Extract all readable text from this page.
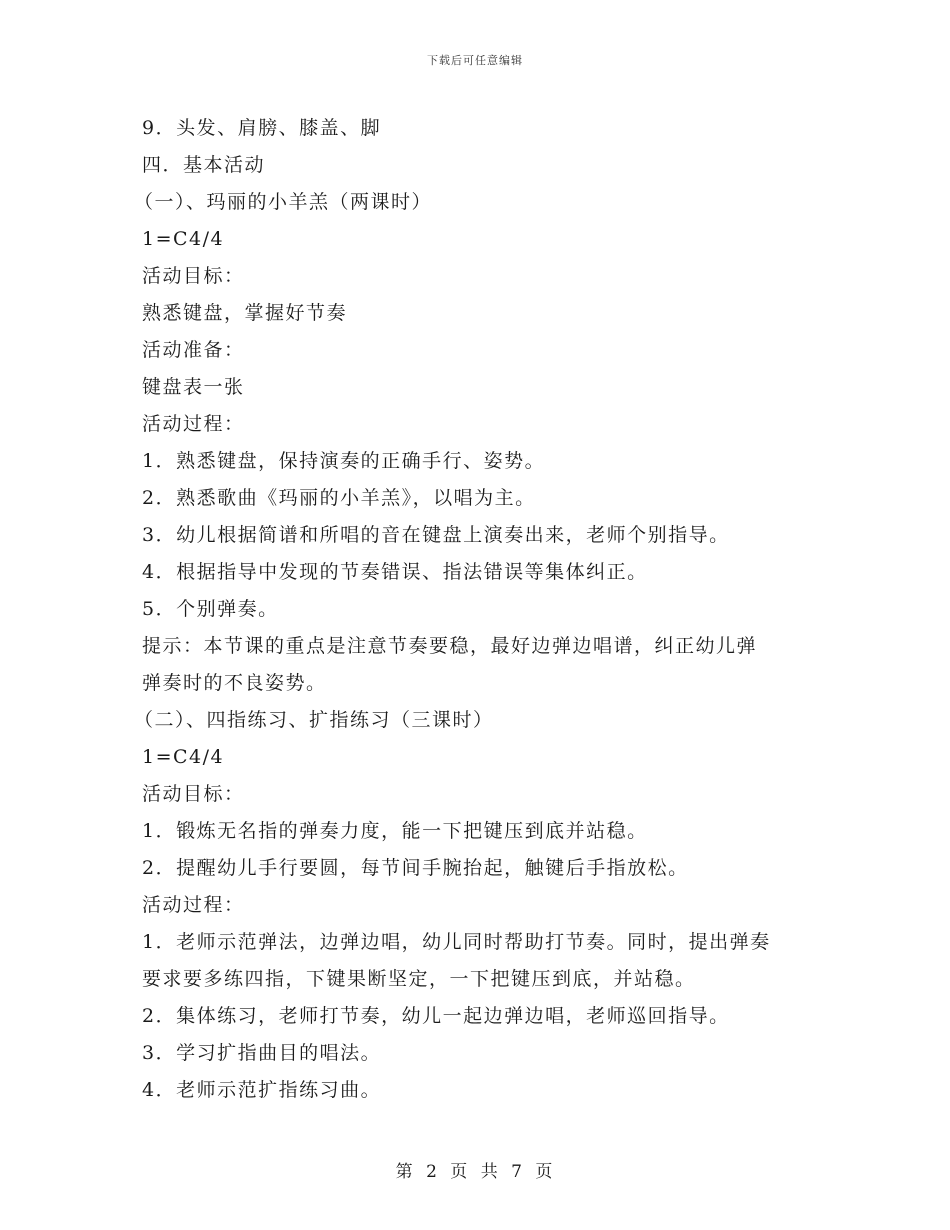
下载后可任意编辑
9．头发、肩膀、膝盖、脚
四．基本活动
（一）、玛丽的小羊羔（两课时）
1=C4/4
活动目标：
熟悉键盘，掌握好节奏
活动准备：
键盘表一张
活动过程：
1．熟悉键盘，保持演奏的正确手行、姿势。
2．熟悉歌曲《玛丽的小羊羔》，以唱为主。
3．幼儿根据简谱和所唱的音在键盘上演奏出来，老师个别指导。
4．根据指导中发现的节奏错误、指法错误等集体纠正。
5．个别弹奏。
提示：本节课的重点是注意节奏要稳，最好边弹边唱谱，纠正幼儿弹
弹奏时的不良姿势。
（二）、四指练习、扩指练习（三课时）
1=C4/4
活动目标：
1．锻炼无名指的弹奏力度，能一下把键压到底并站稳。
2．提醒幼儿手行要圆，每节间手腕抬起，触键后手指放松。
活动过程：
1．老师示范弹法，边弹边唱，幼儿同时帮助打节奏。同时，提出弹奏
要求要多练四指，下键果断坚定，一下把键压到底，并站稳。
2．集体练习，老师打节奏，幼儿一起边弹边唱，老师巡回指导。
3．学习扩指曲目的唱法。
4．老师示范扩指练习曲。
第 2 页 共 7 页
